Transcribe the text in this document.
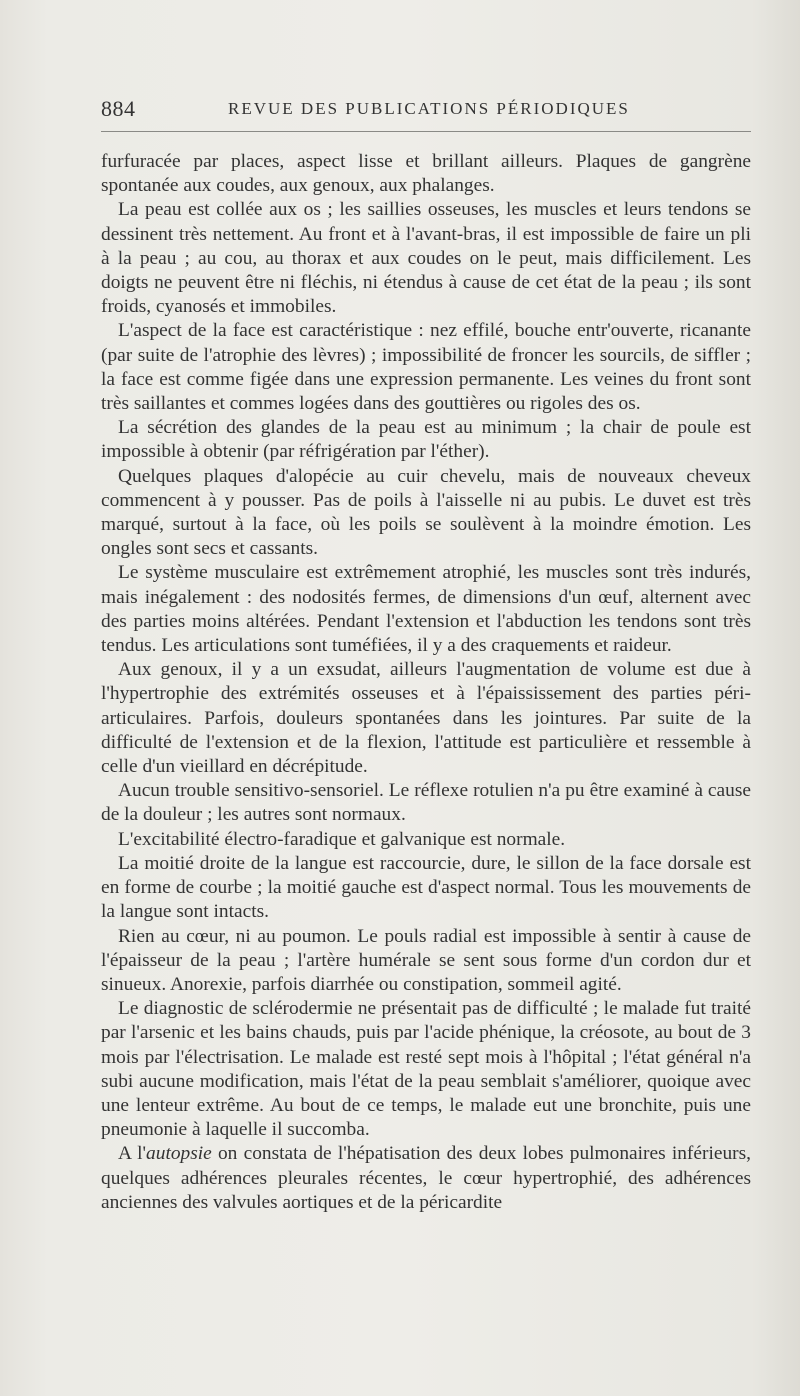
884	REVUE DES PUBLICATIONS PÉRIODIQUES

furfuracée par places, aspect lisse et brillant ailleurs. Plaques de gangrène spontanée aux coudes, aux genoux, aux phalanges.

La peau est collée aux os ; les saillies osseuses, les muscles et leurs tendons se dessinent très nettement. Au front et à l'avant-bras, il est impossible de faire un pli à la peau ; au cou, au thorax et aux coudes on le peut, mais difficilement. Les doigts ne peuvent être ni fléchis, ni étendus à cause de cet état de la peau ; ils sont froids, cyanosés et immobiles.

L'aspect de la face est caractéristique : nez effilé, bouche entr'ouverte, ricanante (par suite de l'atrophie des lèvres) ; impossibilité de froncer les sourcils, de siffler ; la face est comme figée dans une expression permanente. Les veines du front sont très saillantes et commes logées dans des gouttières ou rigoles des os.

La sécrétion des glandes de la peau est au minimum ; la chair de poule est impossible à obtenir (par réfrigération par l'éther).

Quelques plaques d'alopécie au cuir chevelu, mais de nouveaux cheveux commencent à y pousser. Pas de poils à l'aisselle ni au pubis. Le duvet est très marqué, surtout à la face, où les poils se soulèvent à la moindre émotion. Les ongles sont secs et cassants.

Le système musculaire est extrêmement atrophié, les muscles sont très indurés, mais inégalement : des nodosités fermes, de dimensions d'un œuf, alternent avec des parties moins altérées. Pendant l'extension et l'abduction les tendons sont très tendus. Les articulations sont tuméfiées, il y a des craquements et raideur.

Aux genoux, il y a un exsudat, ailleurs l'augmentation de volume est due à l'hypertrophie des extrémités osseuses et à l'épaississement des parties péri-articulaires. Parfois, douleurs spontanées dans les jointures. Par suite de la difficulté de l'extension et de la flexion, l'attitude est particulière et ressemble à celle d'un vieillard en décrépitude.

Aucun trouble sensitivo-sensoriel. Le réflexe rotulien n'a pu être examiné à cause de la douleur ; les autres sont normaux.

L'excitabilité électro-faradique et galvanique est normale.

La moitié droite de la langue est raccourcie, dure, le sillon de la face dorsale est en forme de courbe ; la moitié gauche est d'aspect normal. Tous les mouvements de la langue sont intacts.

Rien au cœur, ni au poumon. Le pouls radial est impossible à sentir à cause de l'épaisseur de la peau ; l'artère humérale se sent sous forme d'un cordon dur et sinueux. Anorexie, parfois diarrhée ou constipation, sommeil agité.

Le diagnostic de sclérodermie ne présentait pas de difficulté ; le malade fut traité par l'arsenic et les bains chauds, puis par l'acide phénique, la créosote, au bout de 3 mois par l'électrisation. Le malade est resté sept mois à l'hôpital ; l'état général n'a subi aucune modification, mais l'état de la peau semblait s'améliorer, quoique avec une lenteur extrême. Au bout de ce temps, le malade eut une bronchite, puis une pneumonie à laquelle il succomba.

A l'autopsie on constata de l'hépatisation des deux lobes pulmonaires inférieurs, quelques adhérences pleurales récentes, le cœur hypertrophié, des adhérences anciennes des valvules aortiques et de la péricardite
